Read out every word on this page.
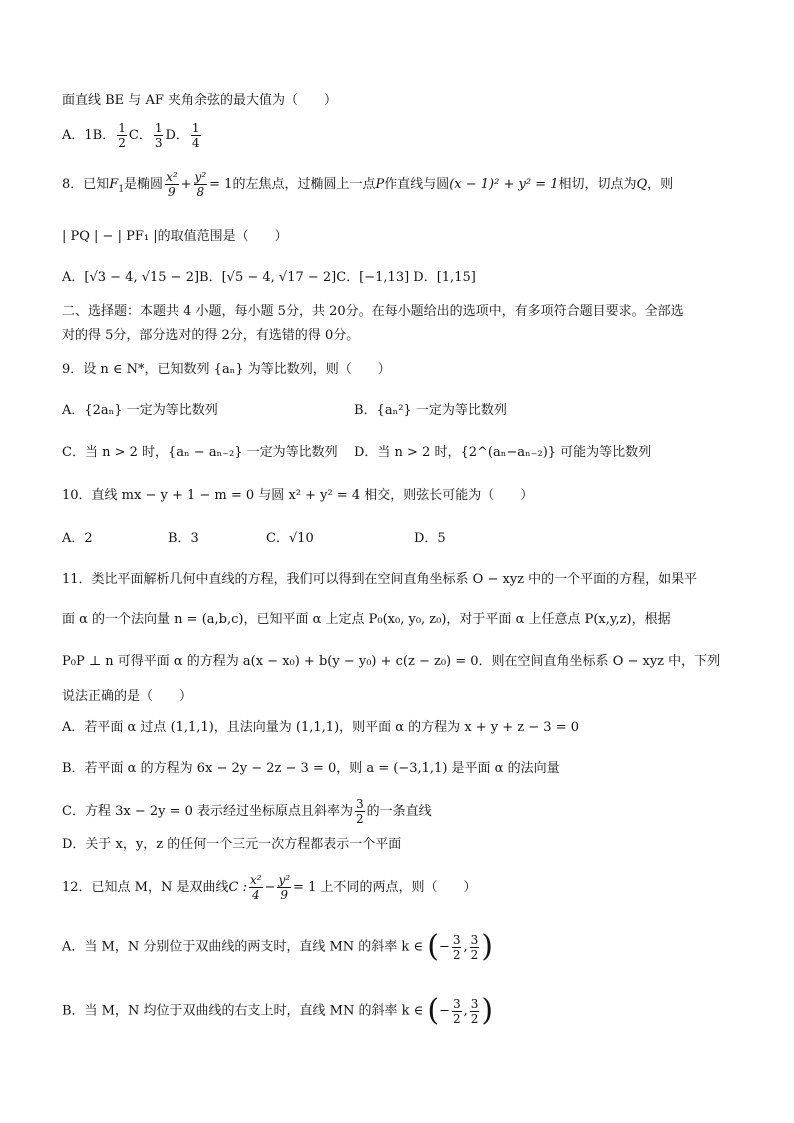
面直线 BE 与 AF 夹角余弦的最大值为（　　）
A．1B． $\frac{1}{2}$ C． $\frac{1}{3}$ D． $\frac{1}{4}$
8．已知$F_1$是椭圆 $\frac{\text{x²}}{9} + \frac{\text{y²}}{8} = 1$的左焦点，过椭圆上一点P作直线与圆(x − 1)² + y² = 1相切，切点为Q，则
| PQ | − | PF₁ |的取值范围是（　　）
A．[√3 − 4, √15 − 2]B．[√5 − 4, √17 − 2]C．[−1,13] D．[1,15]
二、选择题：本题共 4 小题，每小题 5分，共 20分。在每小题给出的选项中，有多项符合题目要求。全部选
对的得 5分，部分选对的得 2分，有选错的得 0分。
9．设 n ∈ N*，已知数列 {aₙ} 为等比数列，则（　　）
A．{2aₙ} 一定为等比数列	B．{aₙ²} 一定为等比数列
C．当 n > 2 时，{aₙ − aₙ₋₂} 一定为等比数列 D．当 n > 2 时，{2^(aₙ−aₙ₋₂)} 可能为等比数列
10．直线 mx − y + 1 − m = 0 与圆 x² + y² = 4 相交，则弦长可能为（　　）
A．2	B．3	C．√10	D．5
11．类比平面解析几何中直线的方程，我们可以得到在空间直角坐标系 O − xyz 中的一个平面的方程，如果平
面 α 的一个法向量 n = (a,b,c)，已知平面 α 上定点 P₀(x₀, y₀, z₀)，对于平面 α 上任意点 P(x,y,z)，根据
P₀P ⊥ n 可得平面 α 的方程为 a(x − x₀) + b(y − y₀) + c(z − z₀) = 0．则在空间直角坐标系 O − xyz 中，下列
说法正确的是（　　）
A．若平面 α 过点 (1,1,1)，且法向量为 (1,1,1)，则平面 α 的方程为 x + y + z − 3 = 0
B．若平面 α 的方程为 6x − 2y − 2z − 3 = 0，则 a = (−3,1,1) 是平面 α 的法向量
C．方程 3x − 2y = 0 表示经过坐标原点且斜率为 $\frac{3}{2}$ 的一条直线
D．关于 x，y，z 的任何一个三元一次方程都表示一个平面
12．已知点 M，N 是双曲线C : $\frac{\text{x²}}{4} - \frac{\text{y²}}{9} = 1$ 上不同的两点，则（　　）
A．当 M，N 分别位于双曲线的两支时，直线 MN 的斜率 k ∈ (− $\frac{3}{2}$ , $\frac{3}{2}$ )
B．当 M，N 均位于双曲线的右支上时，直线 MN 的斜率 k ∈ (− $\frac{3}{2}$ , $\frac{3}{2}$ )
